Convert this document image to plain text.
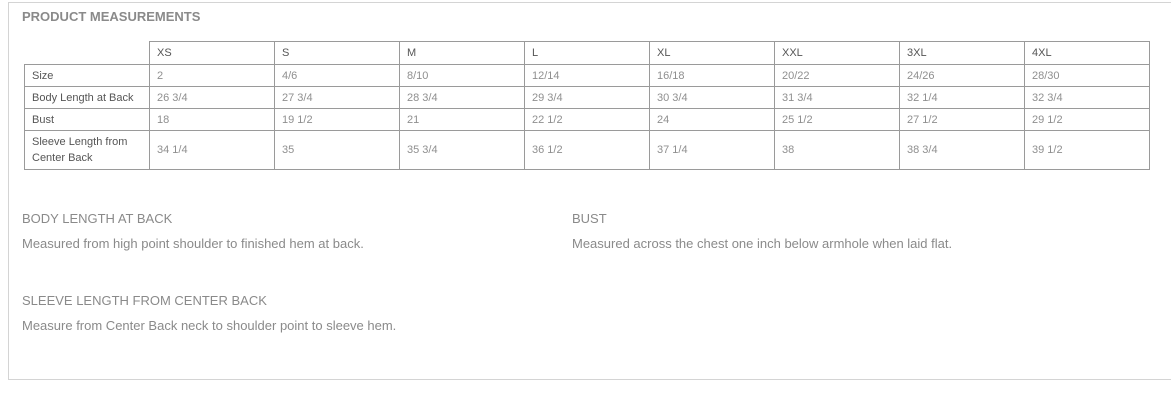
PRODUCT MEASUREMENTS
	XS	S	M	L	XL	XXL	3XL	4XL
Size	2	4/6	8/10	12/14	16/18	20/22	24/26	28/30
Body Length at Back	26 3/4	27 3/4	28 3/4	29 3/4	30 3/4	31 3/4	32 1/4	32 3/4
Bust	18	19 1/2	21	22 1/2	24	25 1/2	27 1/2	29 1/2
Sleeve Length from Center Back	34 1/4	35	35 3/4	36 1/2	37 1/4	38	38 3/4	39 1/2
BODY LENGTH AT BACK
Measured from high point shoulder to finished hem at back.
BUST
Measured across the chest one inch below armhole when laid flat.
SLEEVE LENGTH FROM CENTER BACK
Measure from Center Back neck to shoulder point to sleeve hem.
